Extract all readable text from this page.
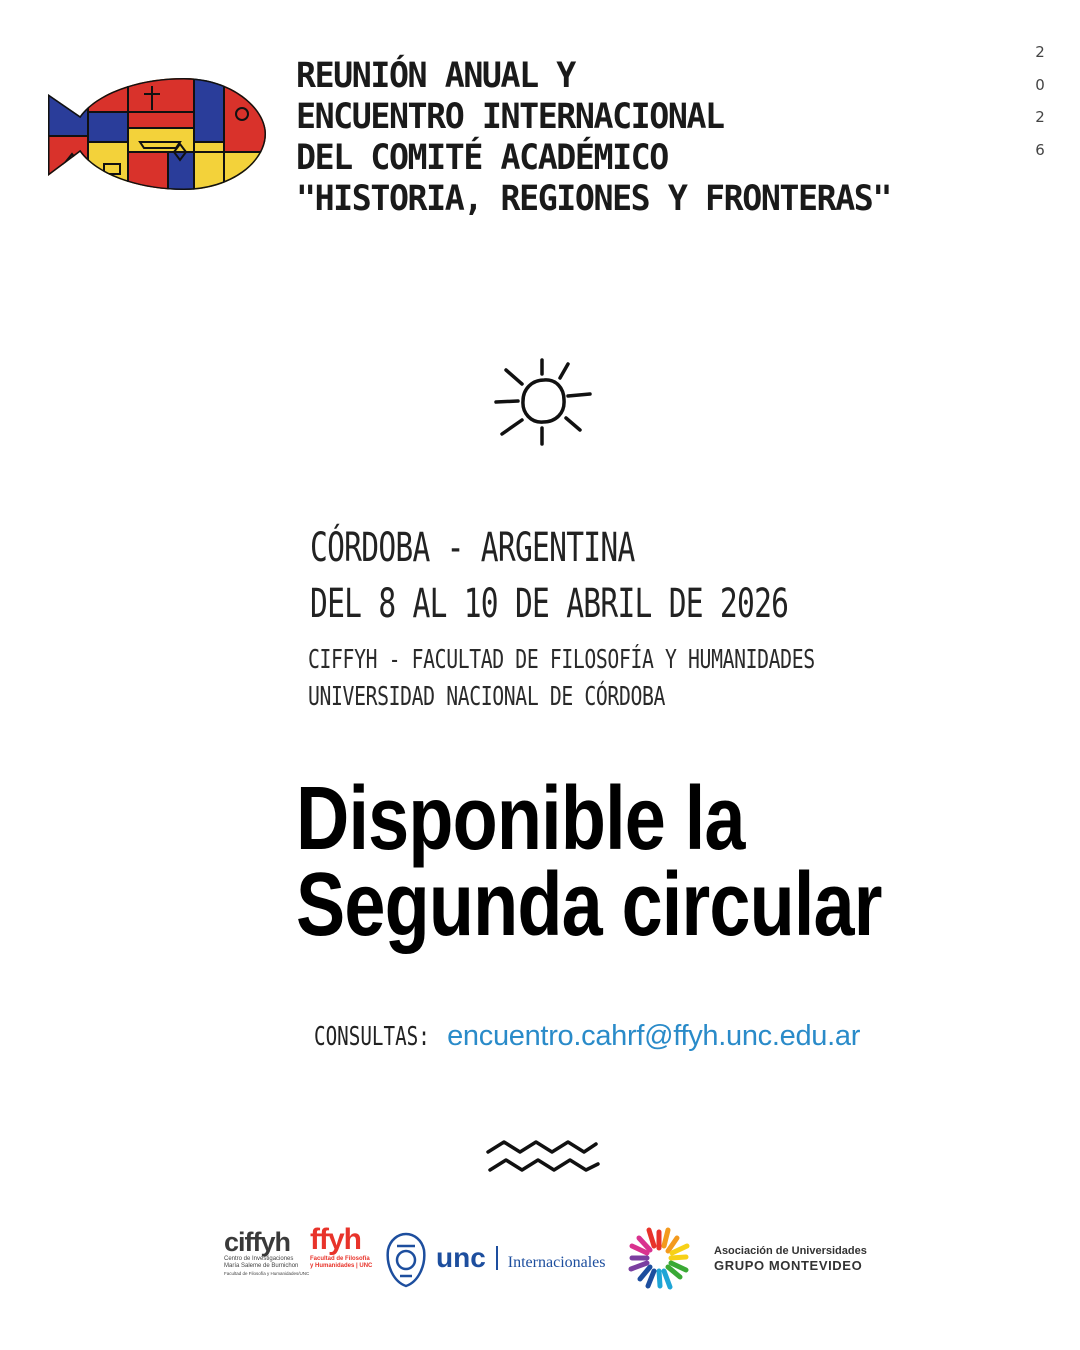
REUNIÓN ANUAL Y
ENCUENTRO INTERNACIONAL
DEL COMITÉ ACADÉMICO
"HISTORIA, REGIONES Y FRONTERAS"
2
0
2
6
CÓRDOBA - ARGENTINA
DEL 8 AL 10 DE ABRIL DE 2026
CIFFYH - FACULTAD DE FILOSOFÍA Y HUMANIDADES
UNIVERSIDAD NACIONAL DE CÓRDOBA
Disponible la
Segunda circular
CONSULTAS: encuentro.cahrf@ffyh.unc.edu.ar
ciffyh
Centro de Investigaciones
María Saleme de Burnichon
Facultad de Filosofía y Humanidades/UNC
ffyh
Facultad de Filosofía
y Humanidades | UNC unc Internacionales
Asociación de Universidades
GRUPO MONTEVIDEO
